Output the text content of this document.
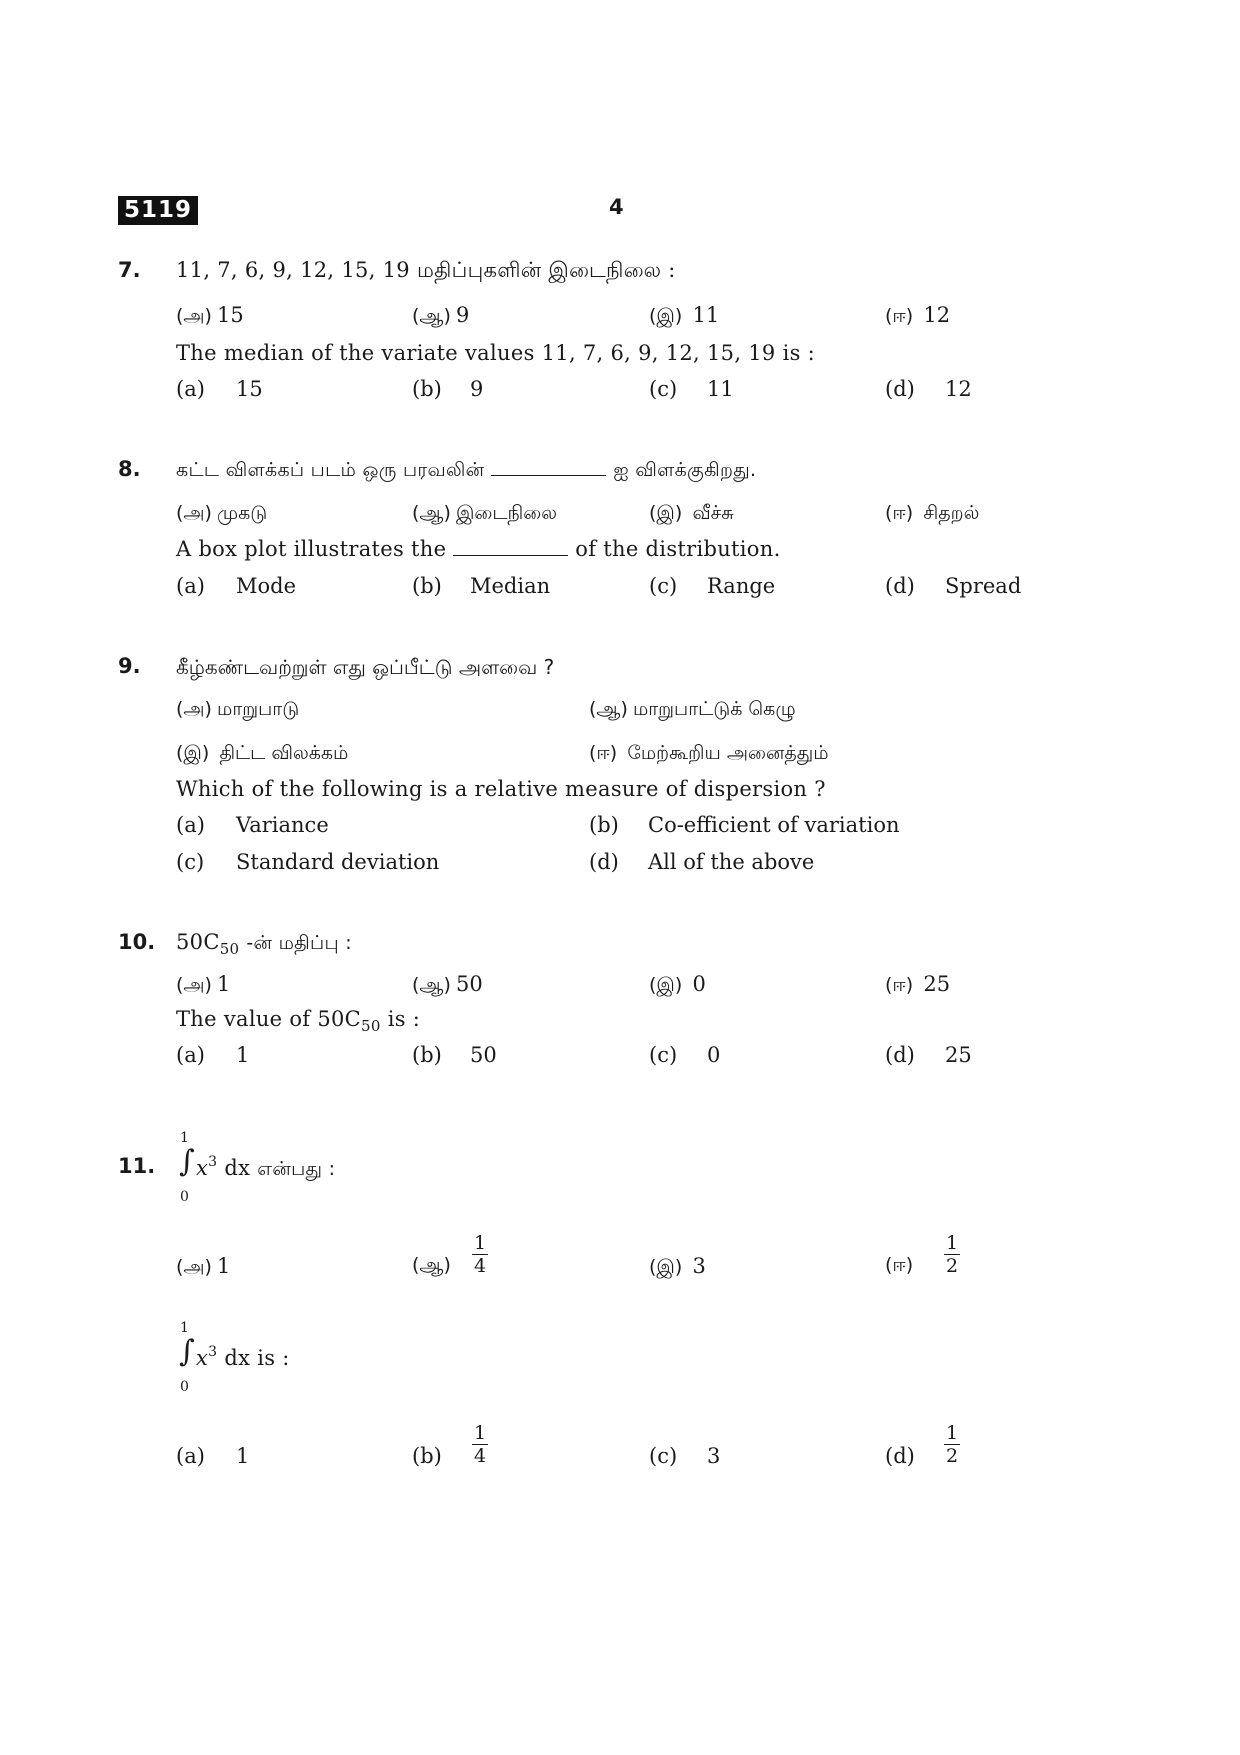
5119	4
7. 11, 7, 6, 9, 12, 15, 19 மதிப்புகளின் இடைநிலை :
(அ) 15	(ஆ) 9	(இ) 11	(ஈ) 12
The median of the variate values 11, 7, 6, 9, 12, 15, 19 is :
(a) 15	(b) 9	(c) 11	(d) 12
8. கட்ட விளக்கப் படம் ஒரு பரவலின்	ஐ விளக்குகிறது.
(அ) முகடு	(ஆ) இடைநிலை	(இ) வீச்சு	(ஈ) சிதறல்
A box plot illustrates the	of the distribution.
(a) Mode	(b) Median	(c) Range	(d) Spread
9. கீழ்கண்டவற்றுள் எது ஒப்பீட்டு அளவை ?
(அ) மாறுபாடு	(ஆ) மாறுபாட்டுக் கெழு
(இ) திட்ட விலக்கம்	(ஈ) மேற்கூறிய அனைத்தும்
Which of the following is a relative measure of dispersion ?
(a) Variance	(b) Co-efficient of variation
(c) Standard deviation	(d) All of the above
10. $50C_{50}$ -ன் மதிப்பு :
(அ) 1	(ஆ) 50	(இ) 0	(ஈ) 25
The value of $50C_{50}$ is :
(a) 1	(b) 50	(c) 0	(d) 25
11.
1
∫
0
$x^3$ dx என்பது :
(அ) 1	(ஆ) $\frac{1}{4}$	(இ) 3	(ஈ) $\frac{1}{2}$
1
∫
0
$x^3$ dx is :
(a) 1	$(b) \frac{1}{4}$	(c) 3	$(d) \frac{1}{2}$
